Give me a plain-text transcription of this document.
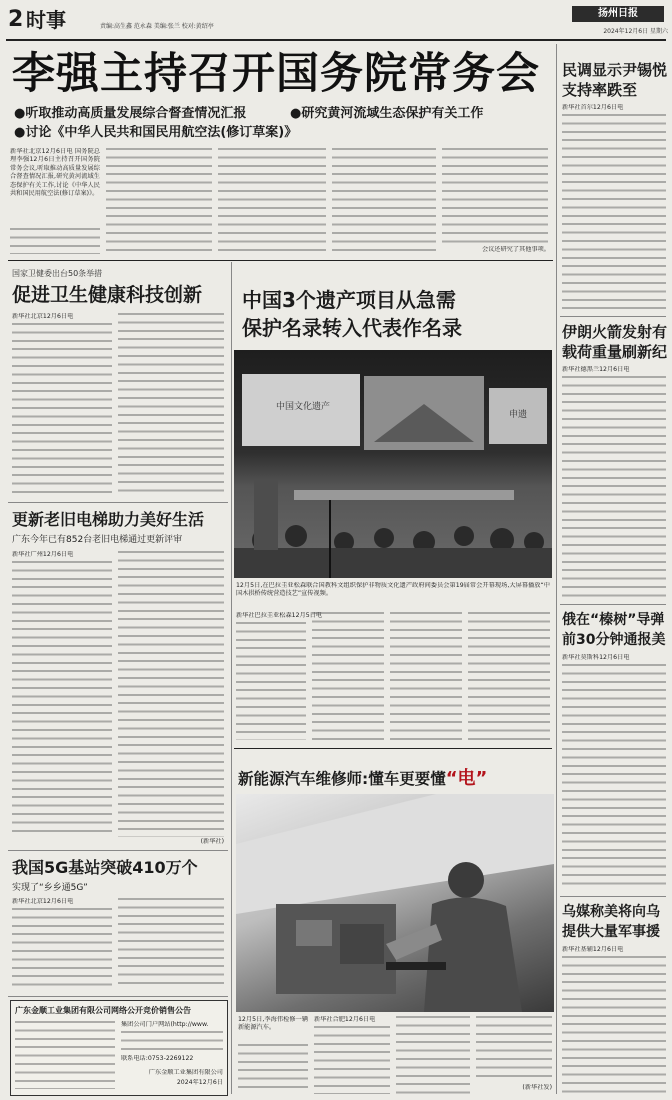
2 时事	责编:高生鑫 范永森 美编:张兰 校对:黄绍亭
扬州日报
2024年12月6日 星期六
李强主持召开国务院常务会
●听取推动高质量发展综合督查情况汇报	●研究黄河流域生态保护有关工作
●讨论《中华人民共和国民用航空法(修订草案)》
新华社北京12月6日电 国务院总理李强12月6日主持召开国务院常务会议,听取推动高质量发展综合督查情况汇报,研究黄河流域生态保护有关工作,讨论《中华人民共和国民用航空法(修订草案)》。
会议还研究了其他事项。
民调显示尹锡悦
支持率跌至
新华社首尔12月6日电
伊朗火箭发射有
载荷重量刷新纪
新华社德黑兰12月6日电
俄在“榛树”导弹
前30分钟通报美
新华社莫斯科12月6日电
乌媒称美将向乌
提供大量军事援
新华社基辅12月6日电
国家卫健委出台50条举措
促进卫生健康科技创新
新华社北京12月6日电
更新老旧电梯助力美好生活
广东今年已有852台老旧电梯通过更新评审
新华社广州12月6日电
(新华社)
我国5G基站突破410万个
实现了“乡乡通5G”
新华社北京12月6日电
广东金顺工业集团有限公司网络公开竞价销售公告
集团公司门户网站(http://www.
联系电话:0753-2269122
广东金顺工业集团有限公司
2024年12月6日
中国3个遗产项目从急需
保护名录转入代表作名录
中国文化遗产
申遗
12月5日,在巴拉圭亚松森联合国教科文组织保护非物质文化遗产政府间委员会第19届常会开幕现场,大屏幕播放“中国木拱桥传统营造技艺”宣传视频。
新华社巴拉圭亚松森12月5日电
新能源汽车维修师:懂车更要懂“电”
12月5日,李海伟检修一辆新能源汽车。
新华社合肥12月6日电
(新华社发)
